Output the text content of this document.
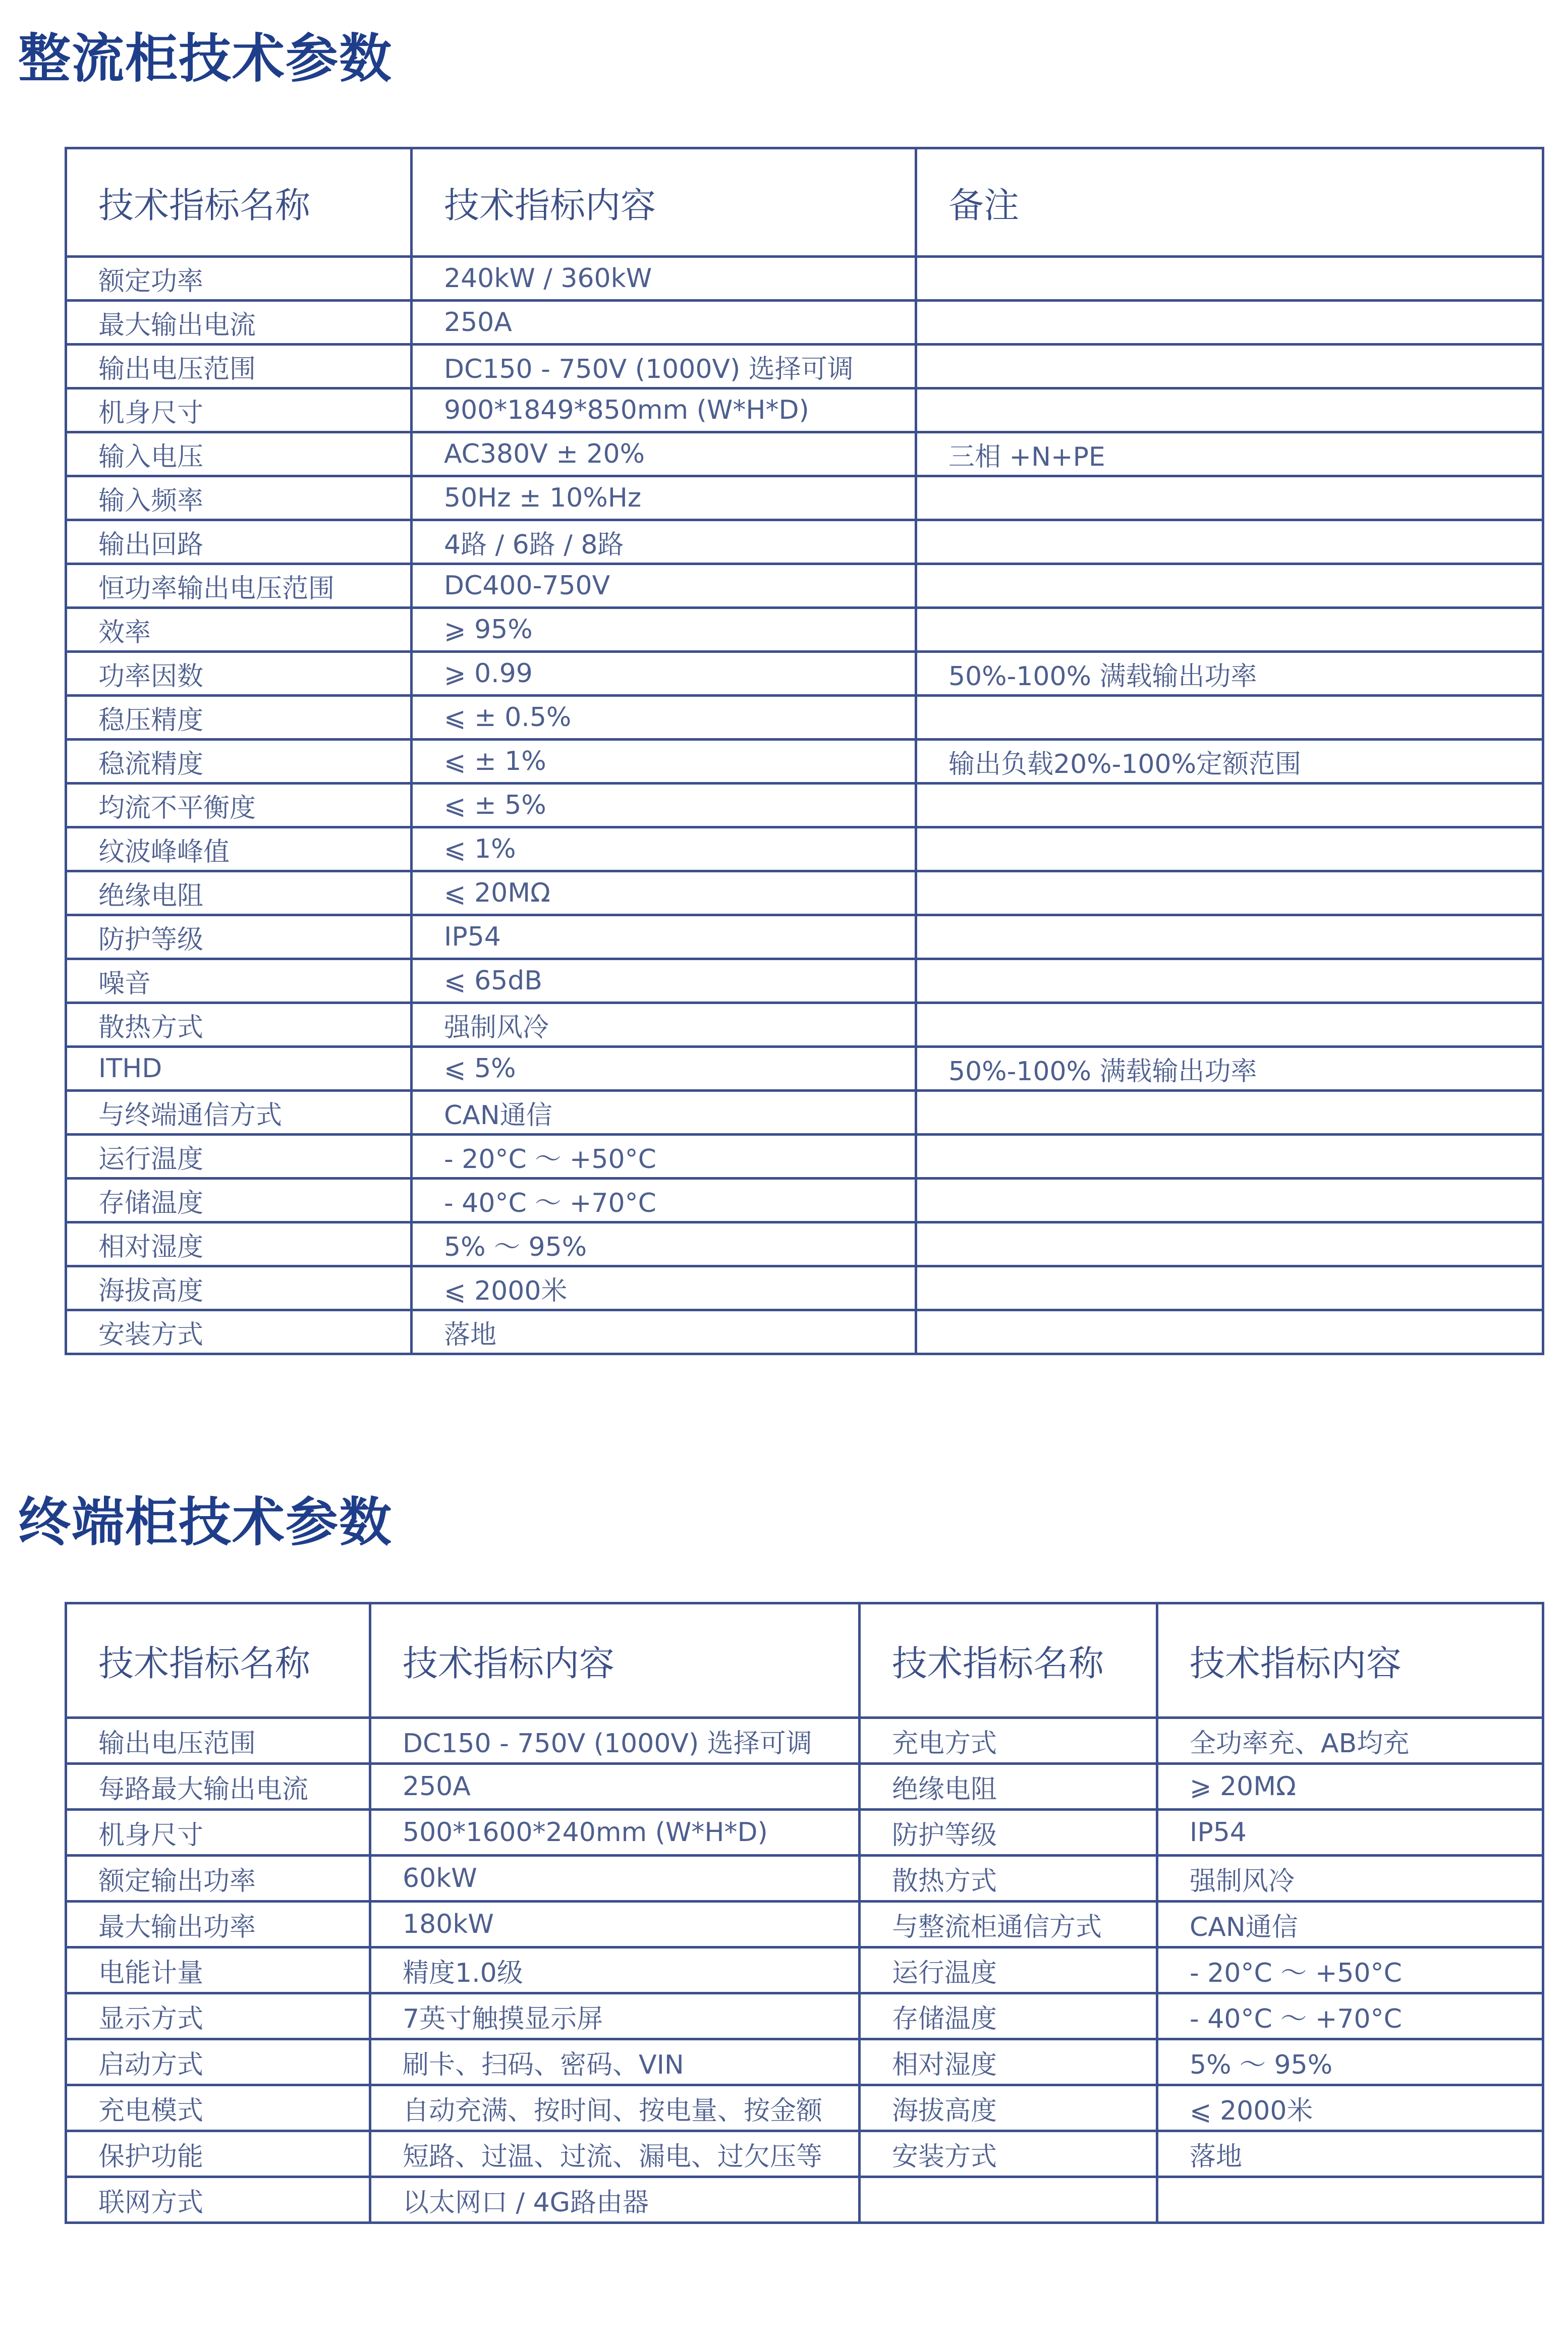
整流柜技术参数
技术指标名称	技术指标内容	备注
额定功率	240kW / 360kW	
最大输出电流	250A	
输出电压范围	DC150 - 750V (1000V) 选择可调	
机身尺寸	900*1849*850mm (W*H*D)	
输入电压	AC380V ± 20%	三相 +N+PE
输入频率	50Hz ± 10%Hz	
输出回路	4路 / 6路 / 8路	
恒功率输出电压范围	DC400-750V	
效率	⩾ 95%	
功率因数	⩾ 0.99	50%-100% 满载输出功率
稳压精度	⩽ ± 0.5%	
稳流精度	⩽ ± 1%	输出负载20%-100%定额范围
均流不平衡度	⩽ ± 5%	
纹波峰峰值	⩽ 1%	
绝缘电阻	⩽ 20MΩ	
防护等级	IP54	
噪音	⩽ 65dB	
散热方式	强制风冷	
ITHD	⩽ 5%	50%-100% 满载输出功率
与终端通信方式	CAN通信	
运行温度	- 20°C ～ +50°C	
存储温度	- 40°C ～ +70°C	
相对湿度	5% ～ 95%	
海拔高度	⩽ 2000米	
安装方式	落地	
终端柜技术参数
技术指标名称	技术指标内容	技术指标名称	技术指标内容
输出电压范围	DC150 - 750V (1000V) 选择可调	充电方式	全功率充、AB均充
每路最大输出电流	250A	绝缘电阻	⩾ 20MΩ
机身尺寸	500*1600*240mm (W*H*D)	防护等级	IP54
额定输出功率	60kW	散热方式	强制风冷
最大输出功率	180kW	与整流柜通信方式	CAN通信
电能计量	精度1.0级	运行温度	- 20°C ～ +50°C
显示方式	7英寸触摸显示屏	存储温度	- 40°C ～ +70°C
启动方式	刷卡、扫码、密码、VIN	相对湿度	5% ～ 95%
充电模式	自动充满、按时间、按电量、按金额	海拔高度	⩽ 2000米
保护功能	短路、过温、过流、漏电、过欠压等	安装方式	落地
联网方式	以太网口 / 4G路由器		
